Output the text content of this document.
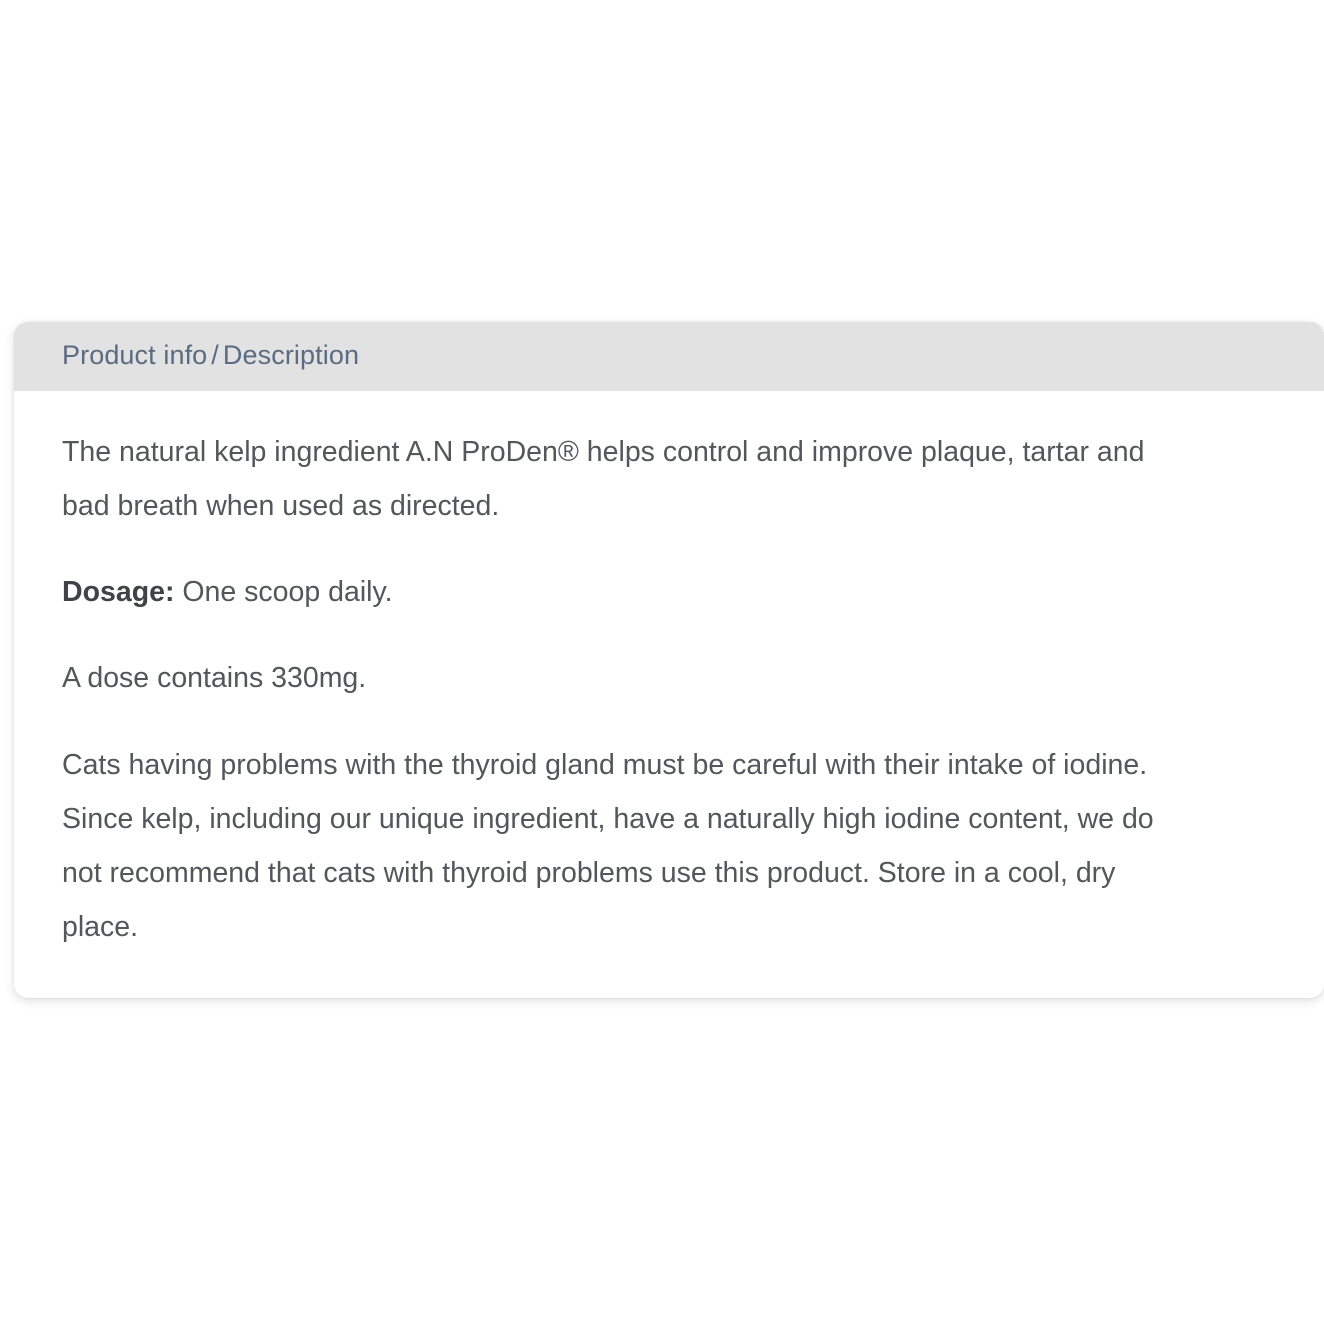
Product info / Description

The natural kelp ingredient A.N ProDen® helps control and improve plaque, tartar and bad breath when used as directed.

Dosage: One scoop daily.

A dose contains 330mg.

Cats having problems with the thyroid gland must be careful with their intake of iodine. Since kelp, including our unique ingredient, have a naturally high iodine content, we do not recommend that cats with thyroid problems use this product. Store in a cool, dry place.
